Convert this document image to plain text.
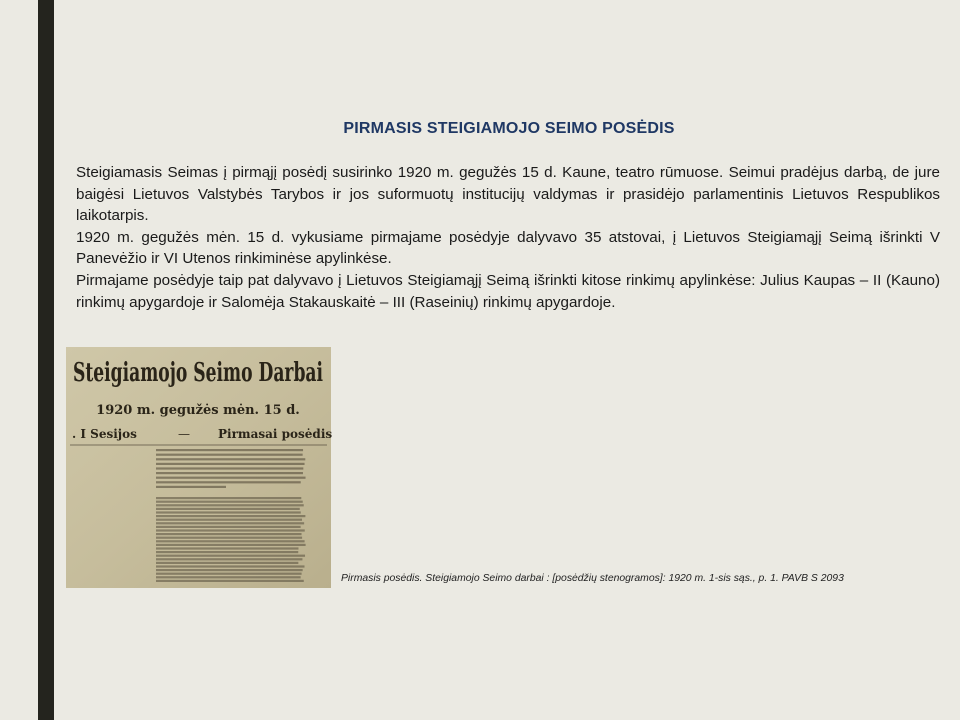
PIRMASIS STEIGIAMOJO SEIMO POSĖDIS

Steigiamasis Seimas į pirmąjį posėdį susirinko 1920 m. gegužės 15 d. Kaune, teatro rūmuose. Seimui pradėjus darbą, de jure baigėsi Lietuvos Valstybės Tarybos ir jos suformuotų institucijų valdymas ir prasidėjo parlamentinis Lietuvos Respublikos laikotarpis.

1920 m. gegužės mėn. 15 d. vykusiame pirmajame posėdyje dalyvavo 35 atstovai, į Lietuvos Steigiamąjį Seimą išrinkti V Panevėžio ir VI Utenos rinkiminėse apylinkėse.

Pirmajame posėdyje taip pat dalyvavo į Lietuvos Steigiamąjį Seimą išrinkti kitose rinkimų apylinkėse: Julius Kaupas – II (Kauno) rinkimų apygardoje ir Salomėja Stakauskaitė – III (Raseinių) rinkimų apygardoje.

Steigiamojo Seimo Darbai
1920 m. gegužės mėn. 15 d.
. I Sesijos	— Pirmasai posėdis
Pirmasis posėdis. Steigiamojo Seimo darbai : [posėdžių stenogramos]: 1920 m. 1-sis sąs., p. 1. PAVB S 2093
